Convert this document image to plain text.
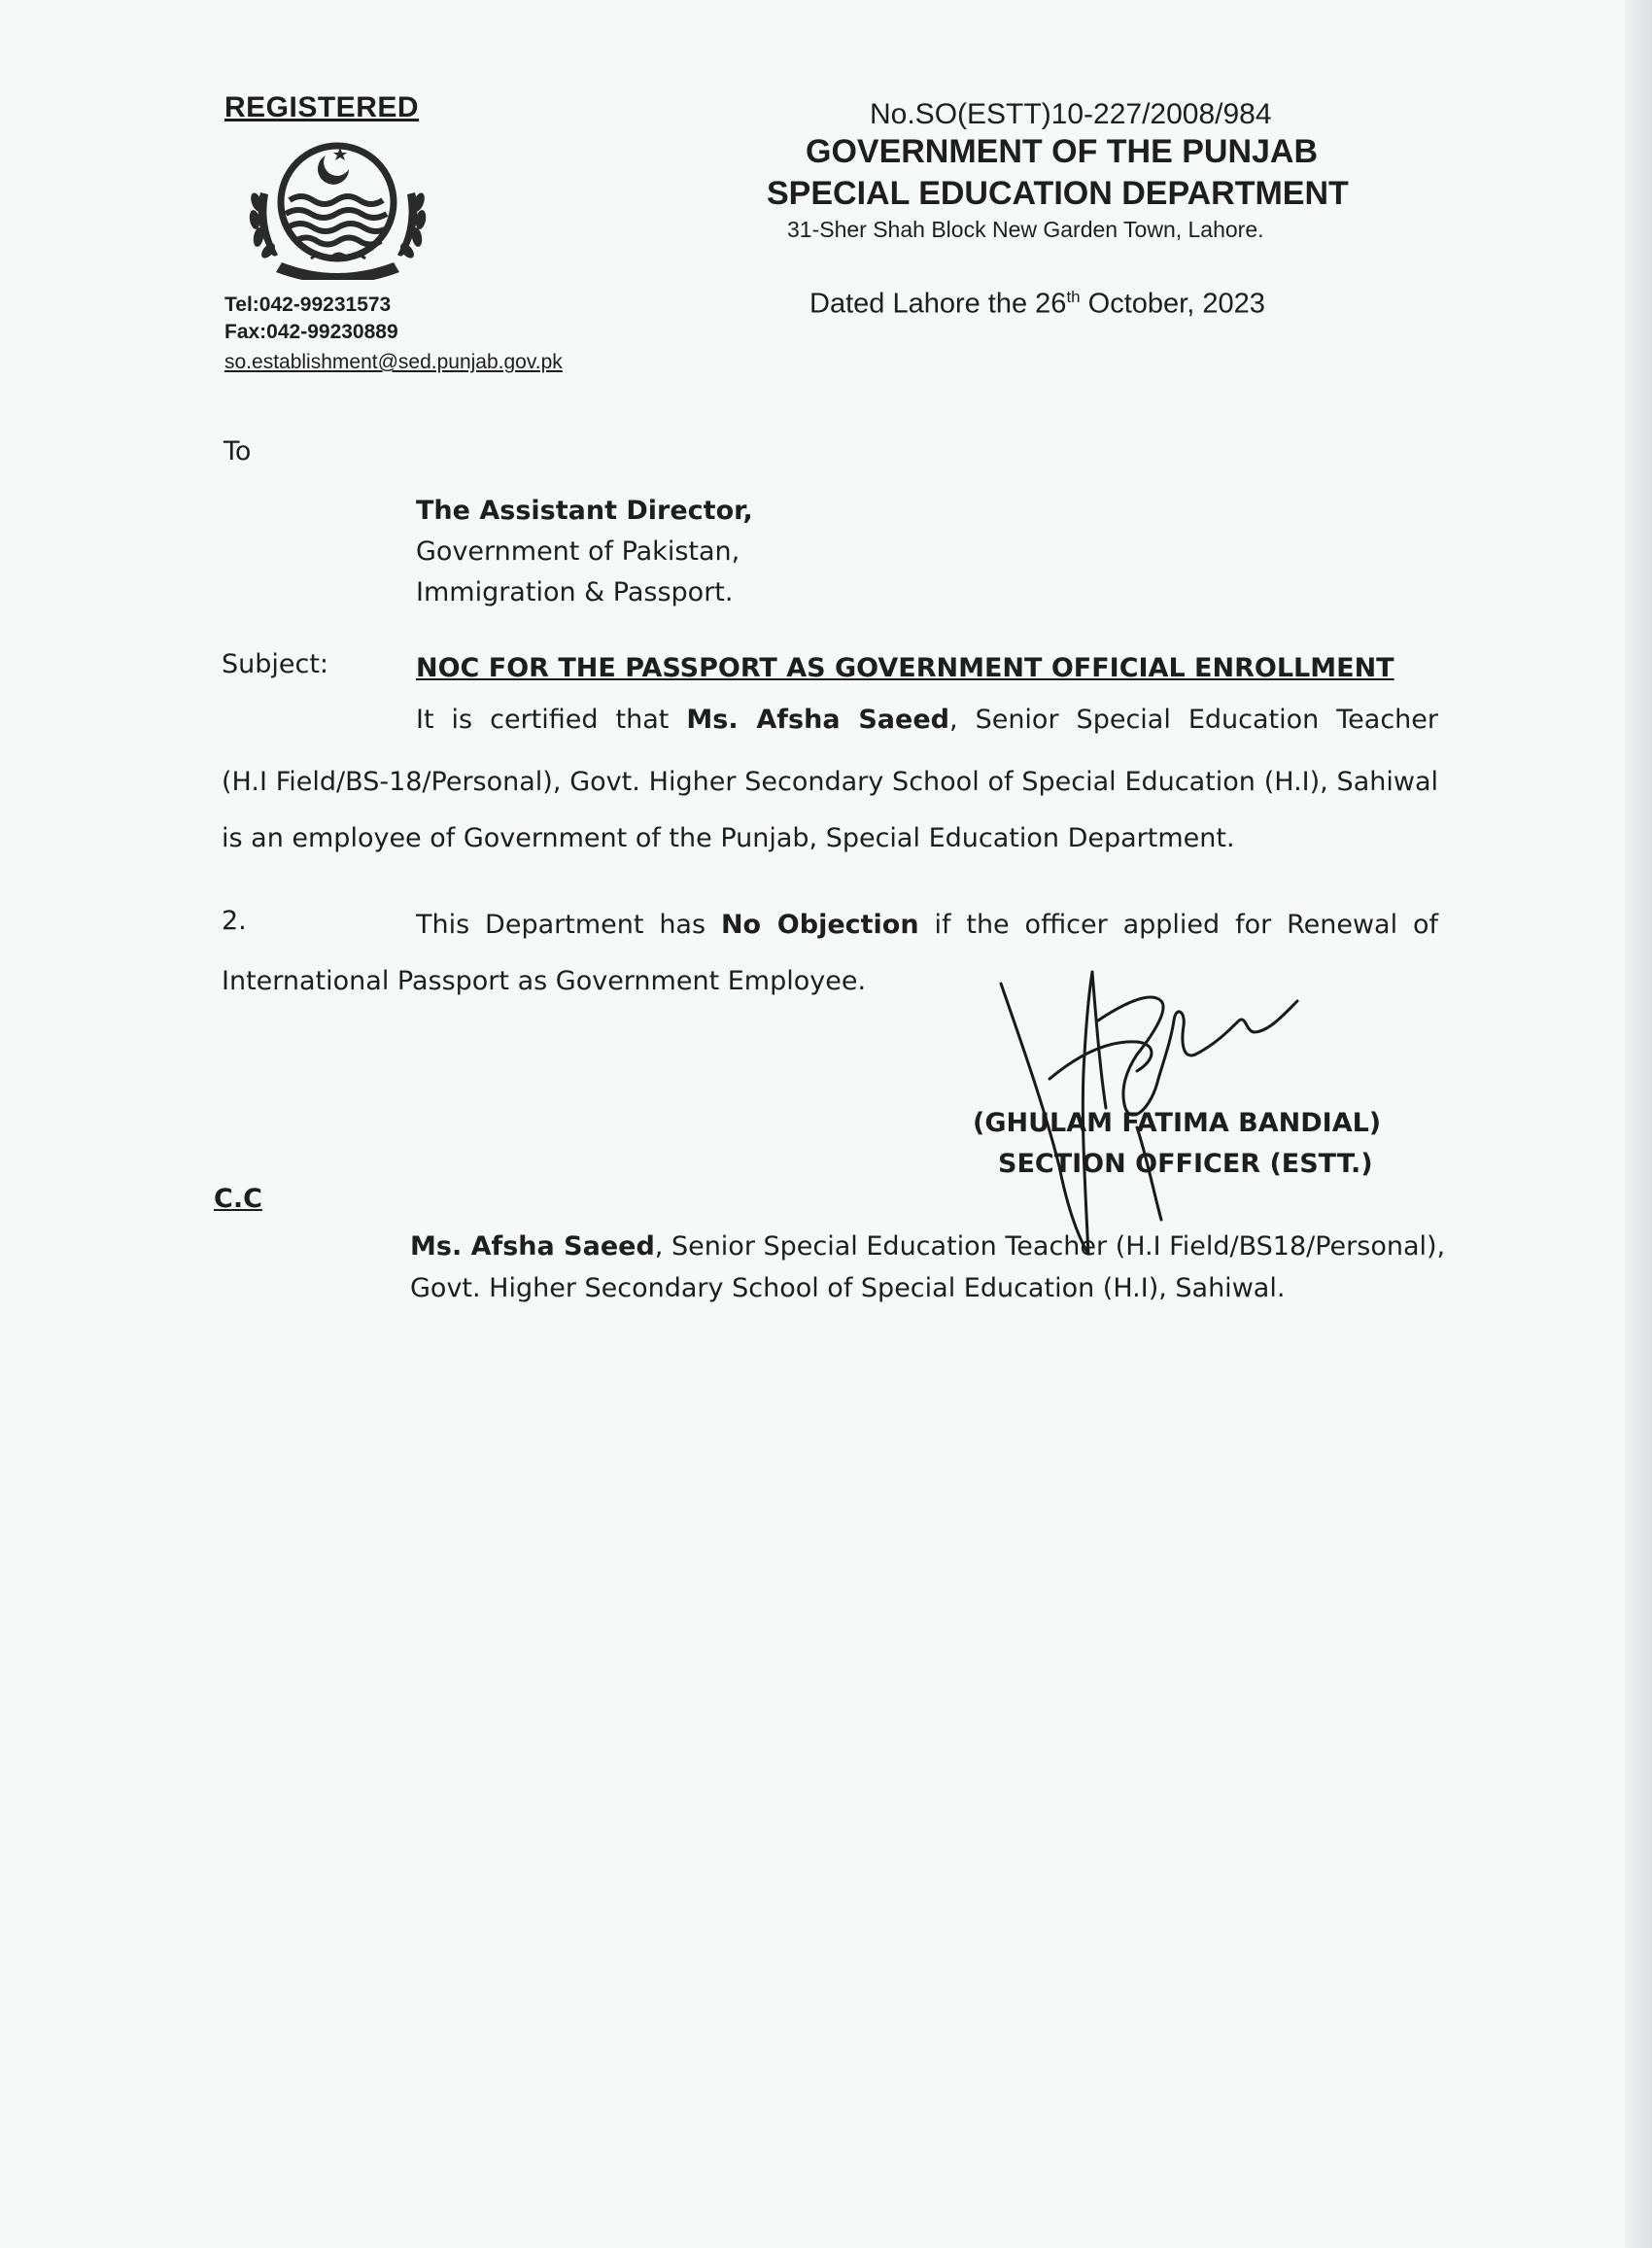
REGISTERED
Tel:042-99231573
Fax:042-99230889
so.establishment@sed.punjab.gov.pk
No.SO(ESTT)10-227/2008/984
GOVERNMENT OF THE PUNJAB
SPECIAL EDUCATION DEPARTMENT
31-Sher Shah Block New Garden Town, Lahore.
Dated Lahore the 26th October, 2023
To
The Assistant Director,
Government of Pakistan,
Immigration & Passport.
Subject:	NOC FOR THE PASSPORT AS GOVERNMENT OFFICIAL ENROLLMENT
It is certified that Ms. Afsha Saeed, Senior Special Education Teacher
(H.I Field/BS-18/Personal), Govt. Higher Secondary School of Special Education (H.I), Sahiwal
is an employee of Government of the Punjab, Special Education Department.
2.	This Department has No Objection if the officer applied for Renewal of
International Passport as Government Employee.
(GHULAM FATIMA BANDIAL)
SECTION OFFICER (ESTT.)
C.C
Ms. Afsha Saeed, Senior Special Education Teacher (H.I Field/BS18/Personal),
Govt. Higher Secondary School of Special Education (H.I), Sahiwal.
